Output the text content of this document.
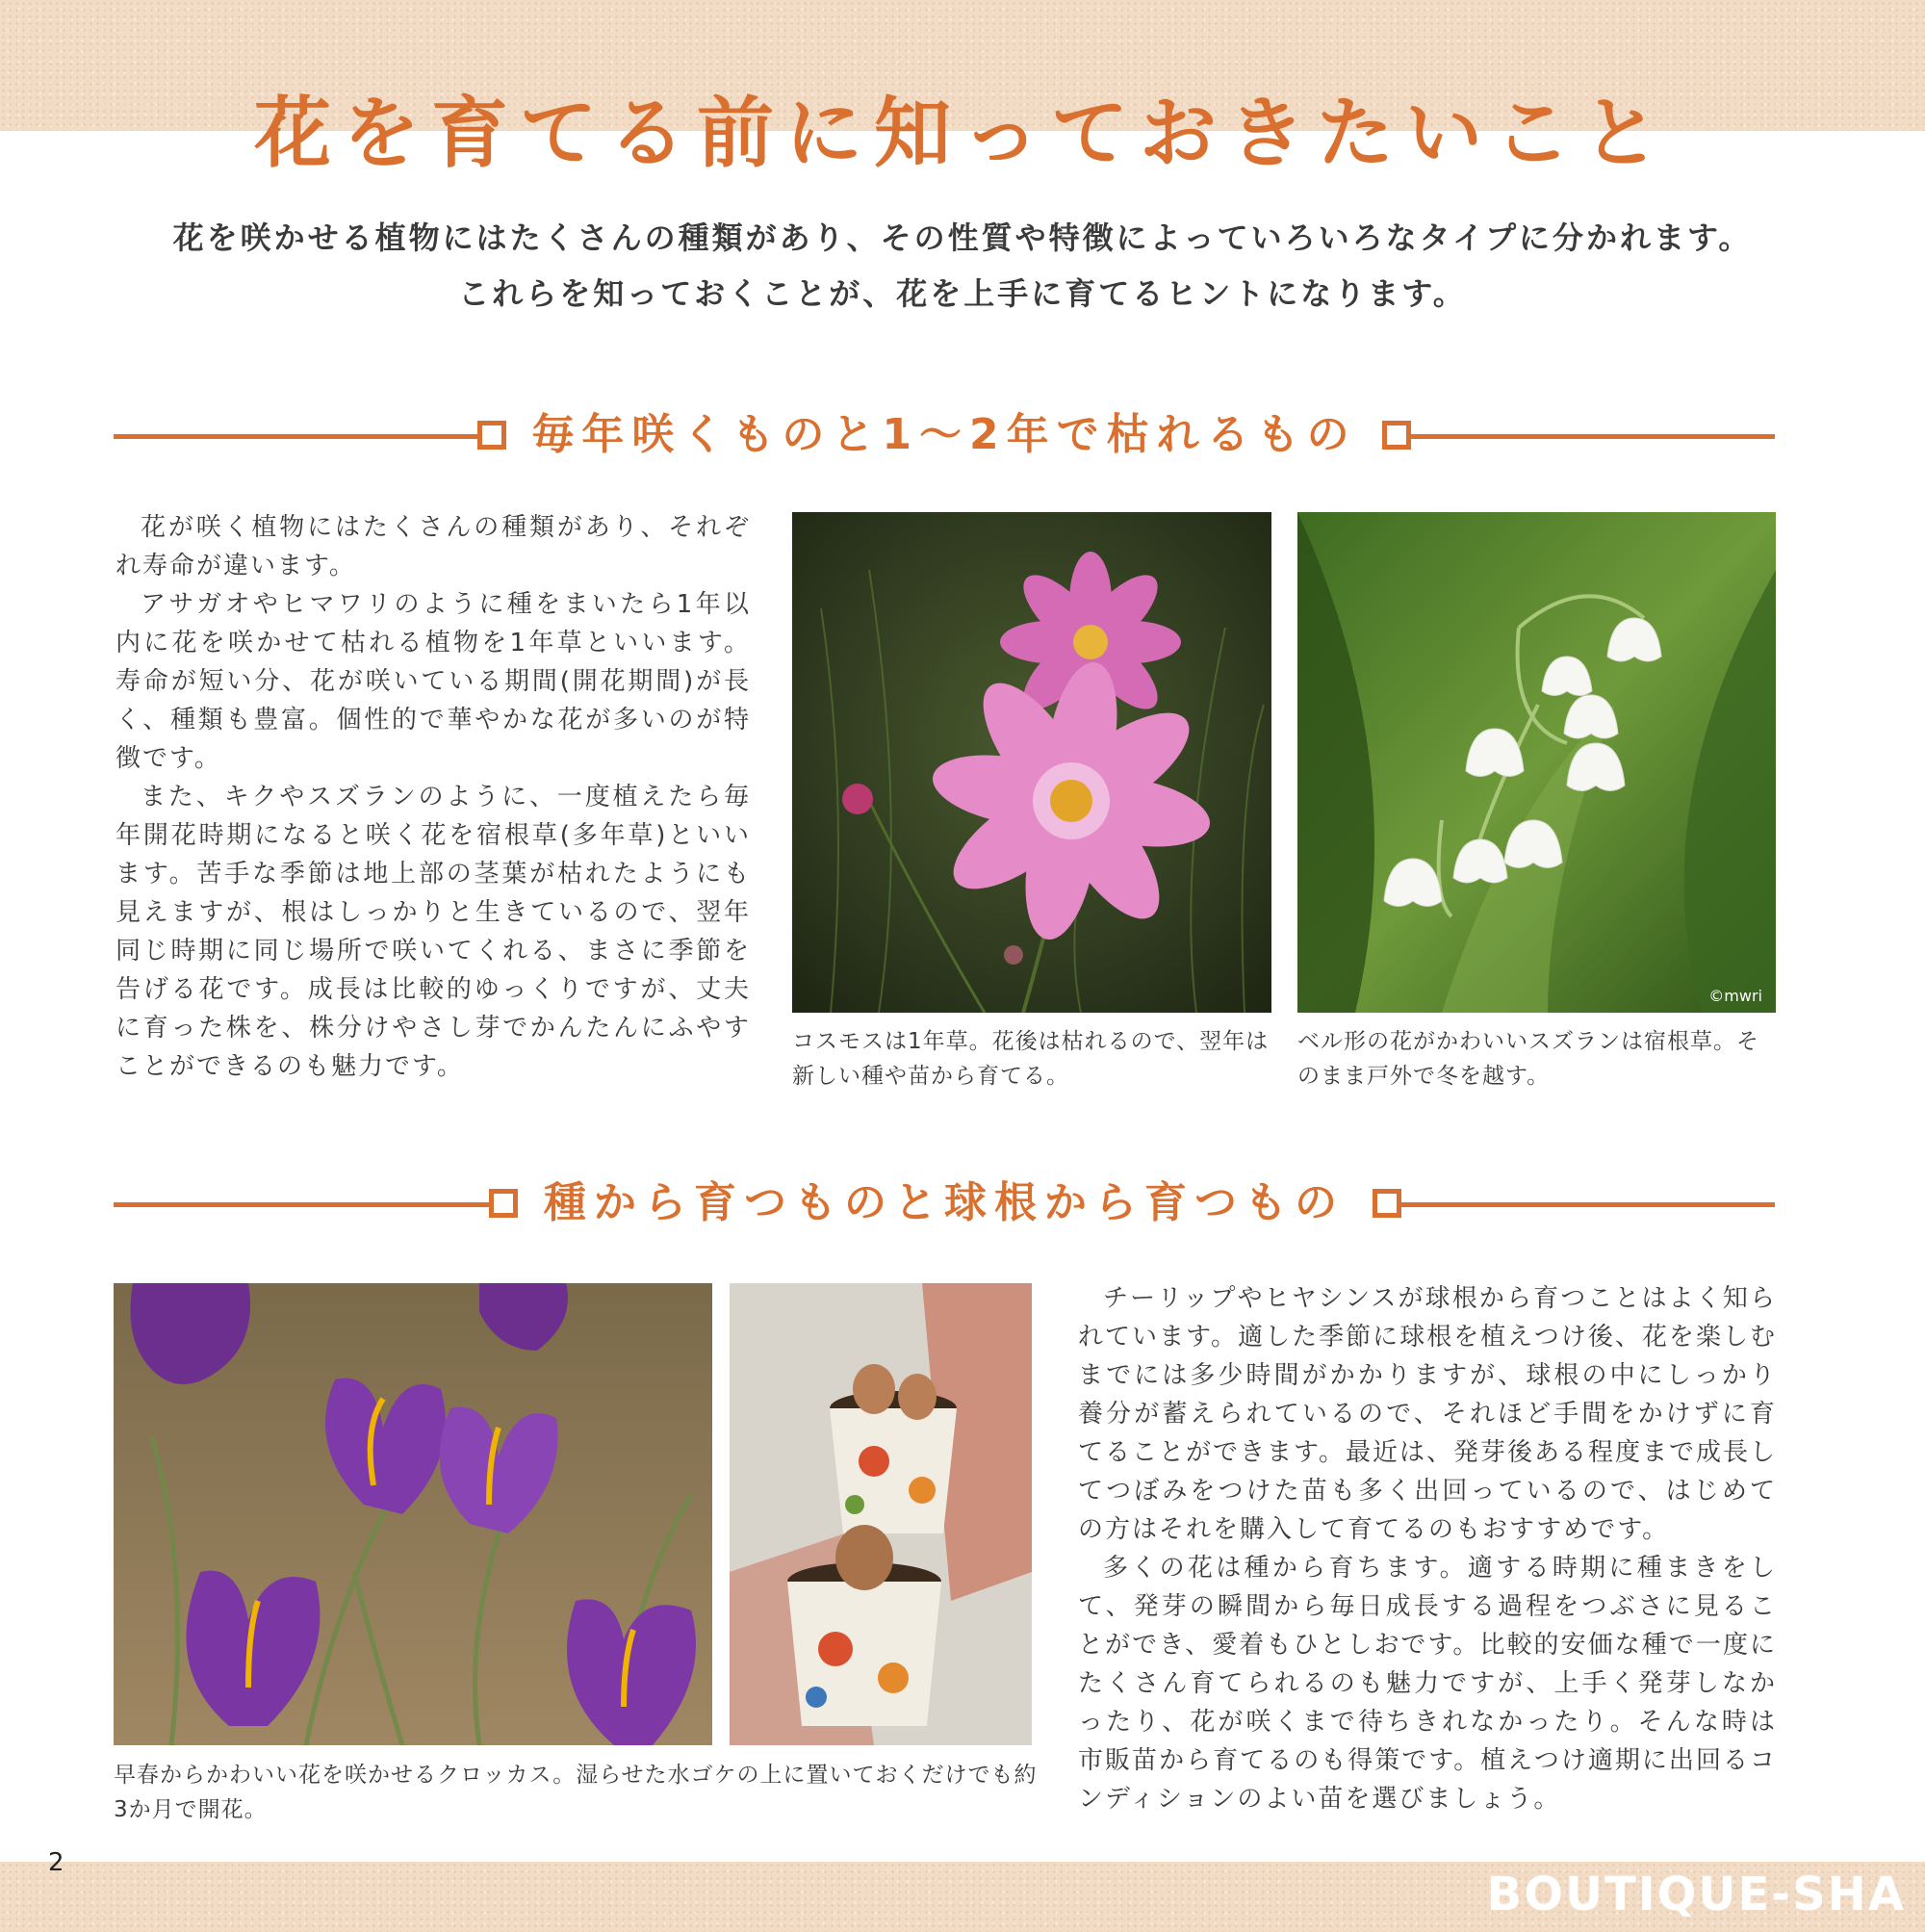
花を育てる前に知っておきたいこと
花を咲かせる植物にはたくさんの種類があり、その性質や特徴によっていろいろなタイプに分かれます。
これらを知っておくことが、花を上手に育てるヒントになります。
毎年咲くものと1～2年で枯れるもの

花が咲く植物にはたくさんの種類があり、それぞれ寿命が違います。

アサガオやヒマワリのように種をまいたら1年以内に花を咲かせて枯れる植物を1年草といいます。寿命が短い分、花が咲いている期間(開花期間)が長く、種類も豊富。個性的で華やかな花が多いのが特徴です。

また、キクやスズランのように、一度植えたら毎年開花時期になると咲く花を宿根草(多年草)といいます。苦手な季節は地上部の茎葉が枯れたようにも見えますが、根はしっかりと生きているので、翌年同じ時期に同じ場所で咲いてくれる、まさに季節を告げる花です。成長は比較的ゆっくりですが、丈夫に育った株を、株分けやさし芽でかんたんにふやすことができるのも魅力です。

コスモスは1年草。花後は枯れるので、翌年は新しい種や苗から育てる。
©mwri
ベル形の花がかわいいスズランは宿根草。そのまま戸外で冬を越す。
種から育つものと球根から育つもの
早春からかわいい花を咲かせるクロッカス。湿らせた水ゴケの上に置いておくだけでも約3か月で開花。

チーリップやヒヤシンスが球根から育つことはよく知られています。適した季節に球根を植えつけ後、花を楽しむまでには多少時間がかかりますが、球根の中にしっかり養分が蓄えられているので、それほど手間をかけずに育てることができます。最近は、発芽後ある程度まで成長してつぼみをつけた苗も多く出回っているので、はじめての方はそれを購入して育てるのもおすすめです。

多くの花は種から育ちます。適する時期に種まきをして、発芽の瞬間から毎日成長する過程をつぶさに見ることができ、愛着もひとしおです。比較的安価な種で一度にたくさん育てられるのも魅力ですが、上手く発芽しなかったり、花が咲くまで待ちきれなかったり。そんな時は市販苗から育てるのも得策です。植えつけ適期に出回るコンディションのよい苗を選びましょう。

2
BOUTIQUE-SHA
